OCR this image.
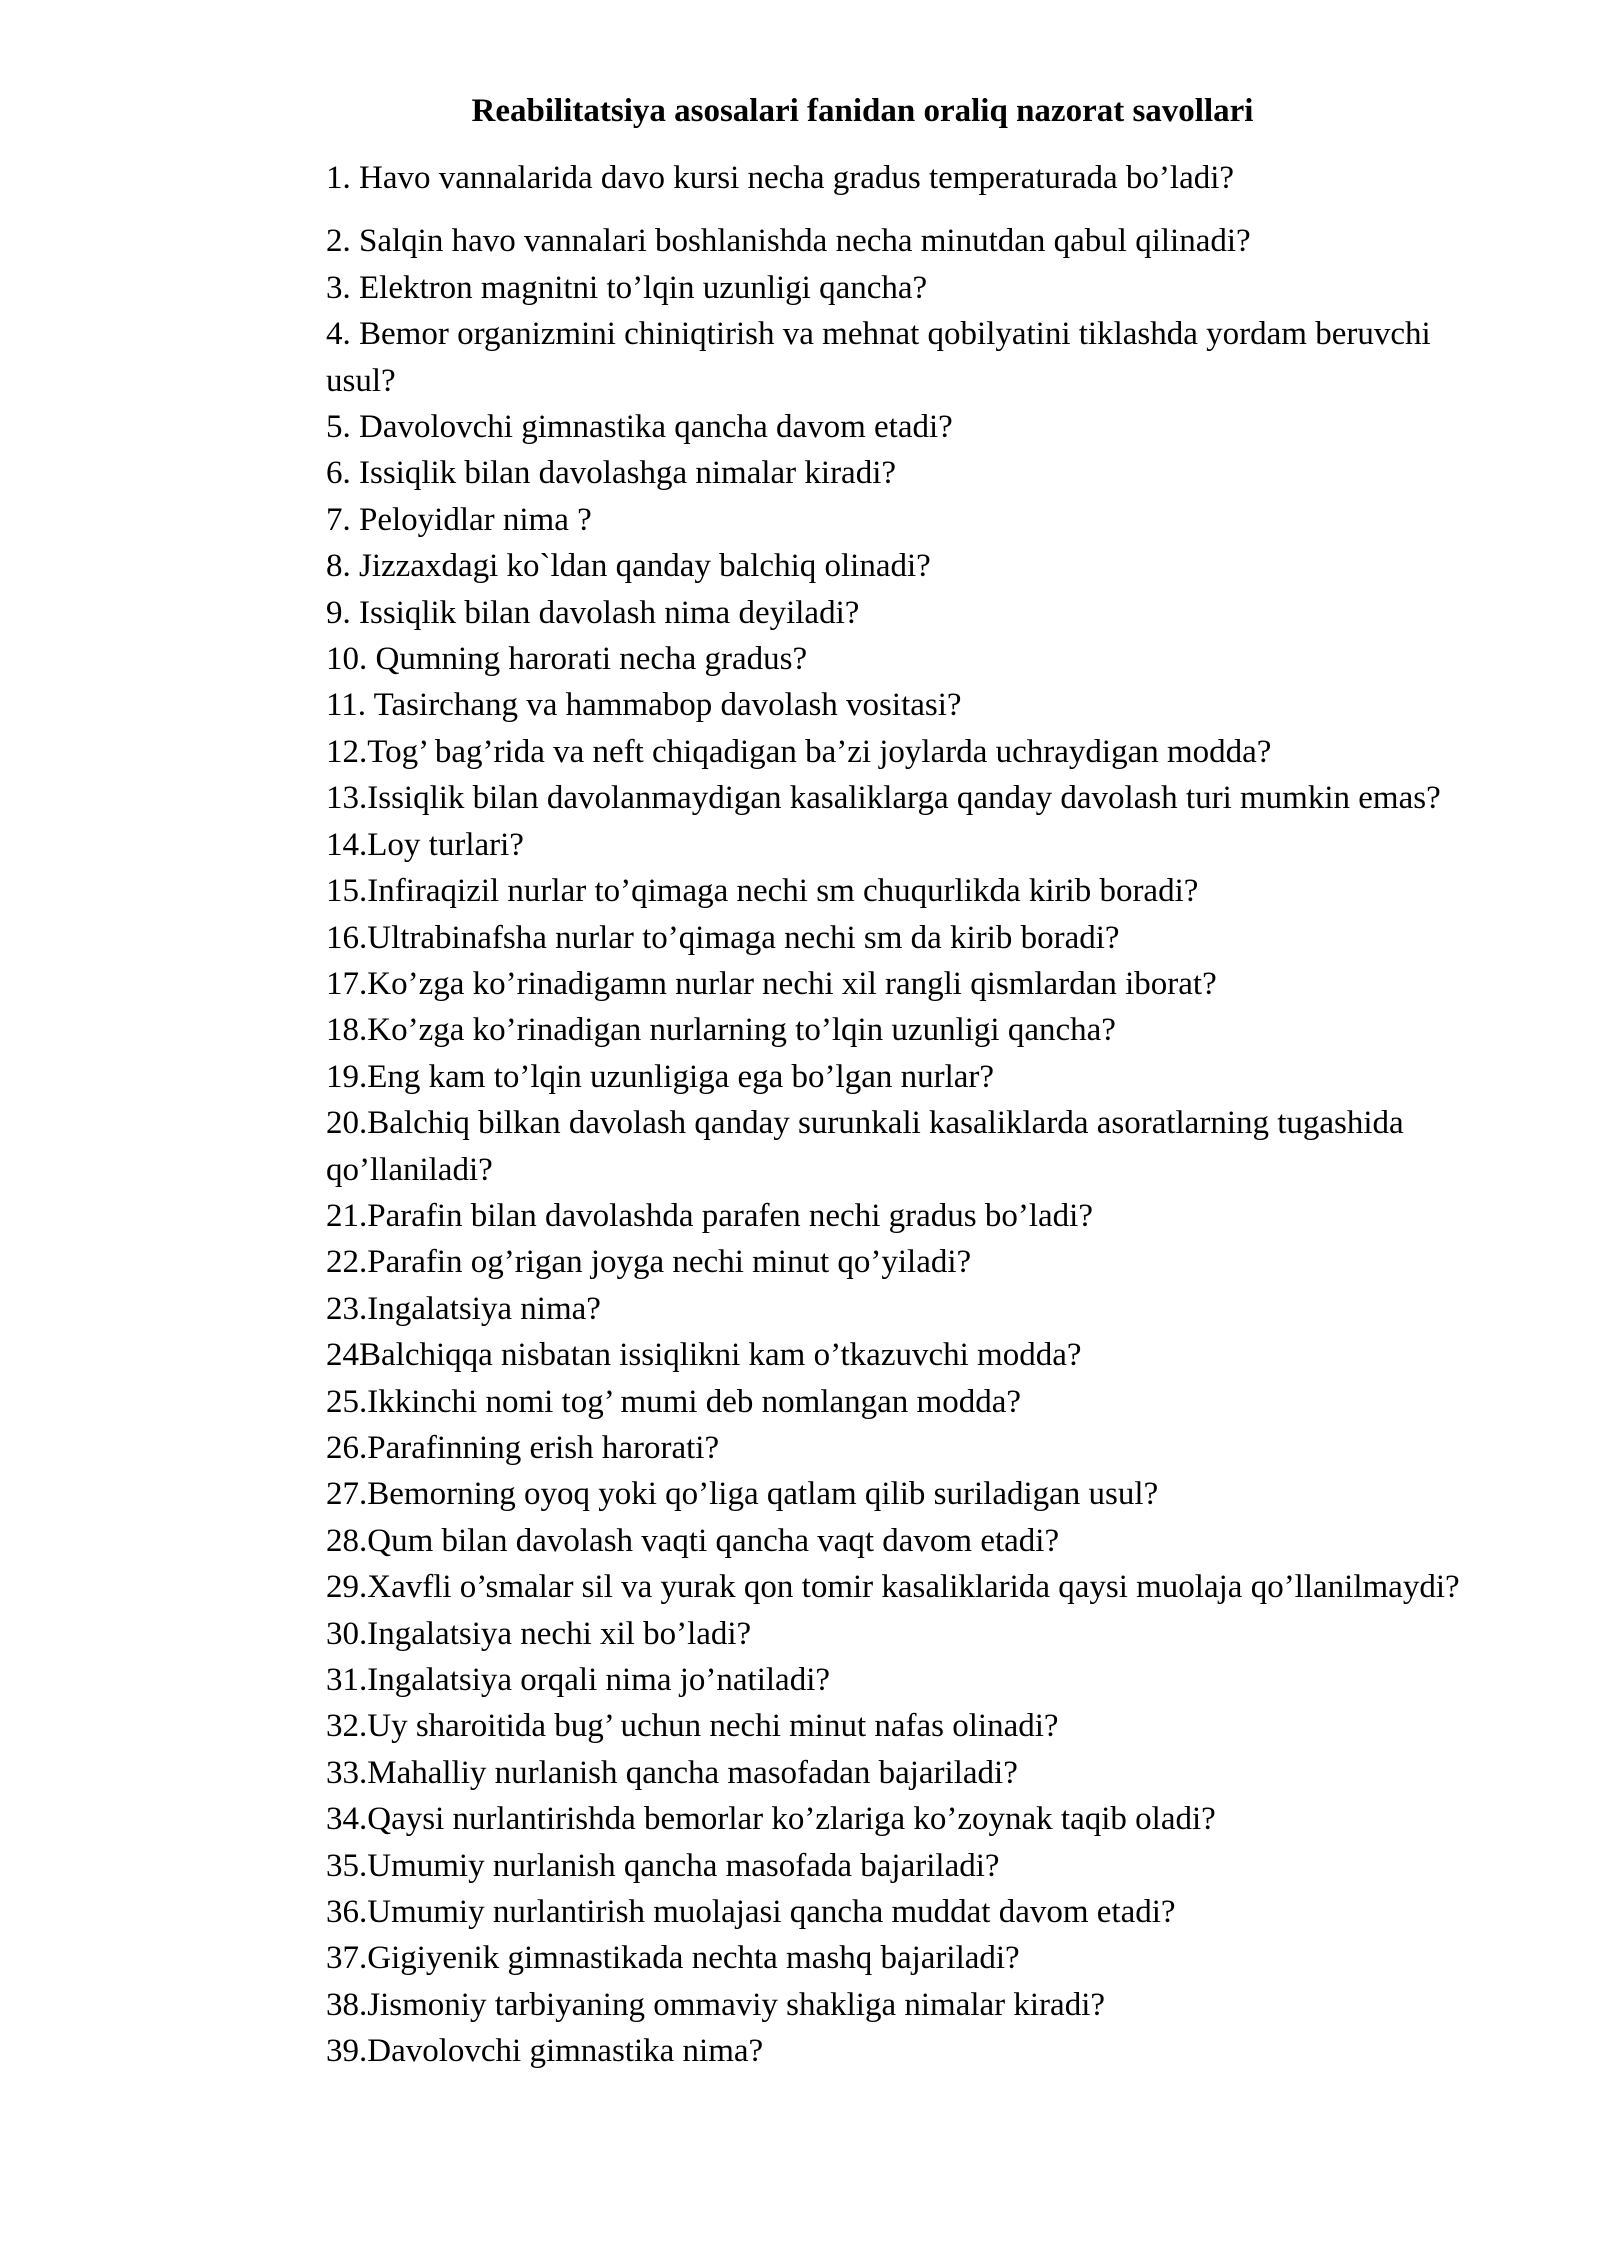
Reabilitatsiya asosalari fanidan oraliq nazorat savollari
1. Havo vannalarida davo kursi necha gradus temperaturada bo’ladi?
2. Salqin havo vannalari boshlanishda necha minutdan qabul qilinadi?
3. Elektron magnitni to’lqin uzunligi qancha?
4. Bemor organizmini chiniqtirish va mehnat qobilyatini tiklashda yordam beruvchi usul?
5. Davolovchi gimnastika qancha davom etadi?
6. Issiqlik bilan davolashga nimalar kiradi?
7. Peloyidlar nima ?
8. Jizzaxdagi ko`ldan qanday balchiq olinadi?
9. Issiqlik bilan davolash nima deyiladi?
10. Qumning harorati necha gradus?
11. Tasirchang va hammabop davolash vositasi?
12.Tog’ bag’rida va neft chiqadigan ba’zi joylarda uchraydigan modda?
13.Issiqlik bilan davolanmaydigan kasaliklarga qanday davolash turi mumkin emas?
14.Loy turlari?
15.Infiraqizil nurlar to’qimaga nechi sm chuqurlikda kirib boradi?
16.Ultrabinafsha nurlar to’qimaga nechi sm da kirib boradi?
17.Ko’zga ko’rinadigamn nurlar nechi xil rangli qismlardan iborat?
18.Ko’zga ko’rinadigan nurlarning to’lqin uzunligi qancha?
19.Eng kam to’lqin uzunligiga ega bo’lgan nurlar?
20.Balchiq bilkan davolash qanday surunkali kasaliklarda asoratlarning tugashida qo’llaniladi?
21.Parafin bilan davolashda parafen nechi gradus bo’ladi?
22.Parafin og’rigan joyga nechi minut qo’yiladi?
23.Ingalatsiya nima?
24Balchiqqa nisbatan issiqlikni kam o’tkazuvchi modda?
25.Ikkinchi nomi tog’ mumi deb nomlangan modda?
26.Parafinning erish harorati?
27.Bemorning oyoq yoki qo’liga qatlam qilib suriladigan usul?
28.Qum bilan davolash vaqti qancha vaqt davom etadi?
29.Xavfli o’smalar sil va yurak qon tomir kasaliklarida qaysi muolaja qo’llanilmaydi?
30.Ingalatsiya nechi xil bo’ladi?
31.Ingalatsiya orqali nima jo’natiladi?
32.Uy sharoitida bug’ uchun nechi minut nafas olinadi?
33.Mahalliy nurlanish qancha masofadan bajariladi?
34.Qaysi nurlantirishda bemorlar ko’zlariga ko’zoynak taqib oladi?
35.Umumiy nurlanish qancha masofada bajariladi?
36.Umumiy nurlantirish muolajasi qancha muddat davom etadi?
37.Gigiyenik gimnastikada nechta mashq bajariladi?
38.Jismoniy tarbiyaning ommaviy shakliga nimalar kiradi?
39.Davolovchi gimnastika nima?
